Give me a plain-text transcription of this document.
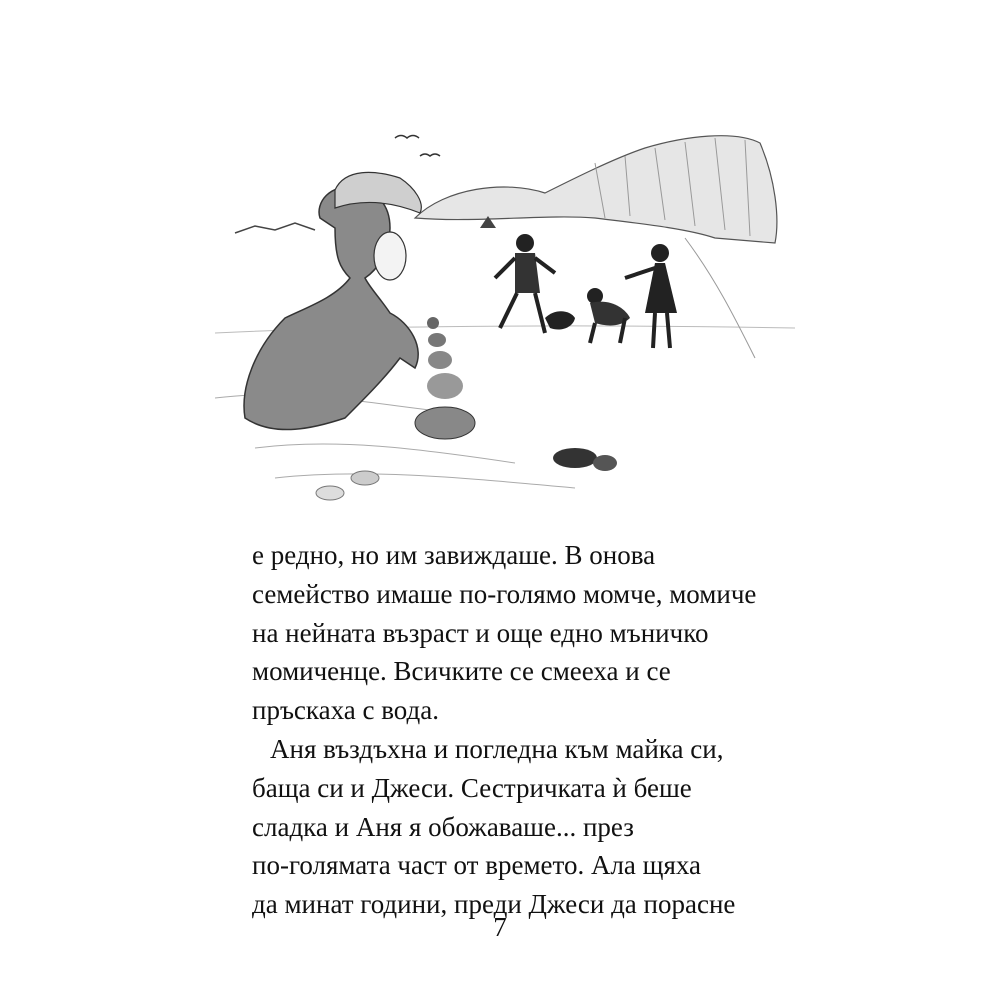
е редно, но им завиждаше. В онова
семейство имаше по-голямо момче, момиче
на нейната възраст и още едно мъничко
момиченце. Всичките се смееха и се
пръскаха с вода.
Аня въздъхна и погледна към майка си,
баща си и Джеси. Сестричката ѝ беше
сладка и Аня я обожаваше... през
по-голямата част от времето. Ала щяха
да минат години, преди Джеси да порасне
7
